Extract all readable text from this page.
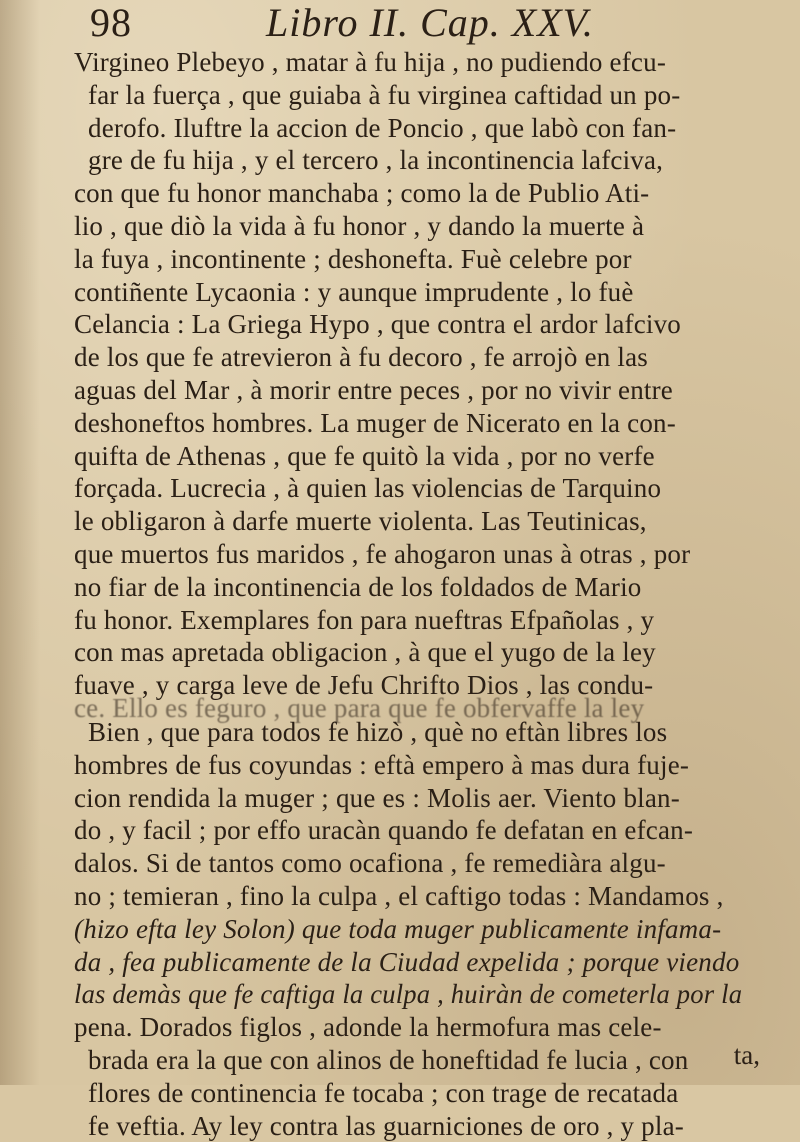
98	Libro II. Cap. XXV.
Virgineo Plebeyo , matar à fu hija , no pudiendo efcu-
far la fuerça , que guiaba à fu virginea caftidad un po-
derofo. Iluftre la accion de Poncio , que labò con fan-
gre de fu hija , y el tercero , la incontinencia lafciva,
con que fu honor manchaba ; como la de Publio Ati-
lio , que diò la vida à fu honor , y dando la muerte à
la fuya , incontinente ; deshonefta. Fuè celebre por
contiñente Lycaonia : y aunque imprudente , lo fuè
Celancia : La Griega Hypo , que contra el ardor lafcivo
de los que fe atrevieron à fu decoro , fe arrojò en las
aguas del Mar , à morir entre peces , por no vivir entre
deshoneftos hombres. La muger de Nicerato en la con-
quifta de Athenas , que fe quitò la vida , por no verfe
forçada. Lucrecia , à quien las violencias de Tarquino
le obligaron à darfe muerte violenta. Las Teutinicas,
que muertos fus maridos , fe ahogaron unas à otras , por
no fiar de la incontinencia de los foldados de Mario
fu honor. Exemplares fon para nueftras Efpañolas , y
con mas apretada obligacion , à que el yugo de la ley
fuave , y carga leve de Jefu Chrifto Dios , las condu-
ce. Ello es feguro , que para que fe obfervaffe la ley
Bien , que para todos fe hizò , què no eftàn libres los
hombres de fus coyundas : eftà empero à mas dura fuje-
cion rendida la muger ; que es : Molis aer. Viento blan-
do , y facil ; por effo uracàn quando fe defatan en efcan-
dalos. Si de tantos como ocafiona , fe remediàra algu-
no ; temieran , fino la culpa , el caftigo todas : Mandamos ,
(hizo efta ley Solon) que toda muger publicamente infama-
da , fea publicamente de la Ciudad expelida ; porque viendo
las demàs que fe caftiga la culpa , huiràn de cometerla por la
pena. Dorados figlos , adonde la hermofura mas cele-
brada era la que con alinos de honeftidad fe lucia , con
flores de continencia fe tocaba ; con trage de recatada
fe veftia. Ay ley contra las guarniciones de oro , y pla-
ta,
